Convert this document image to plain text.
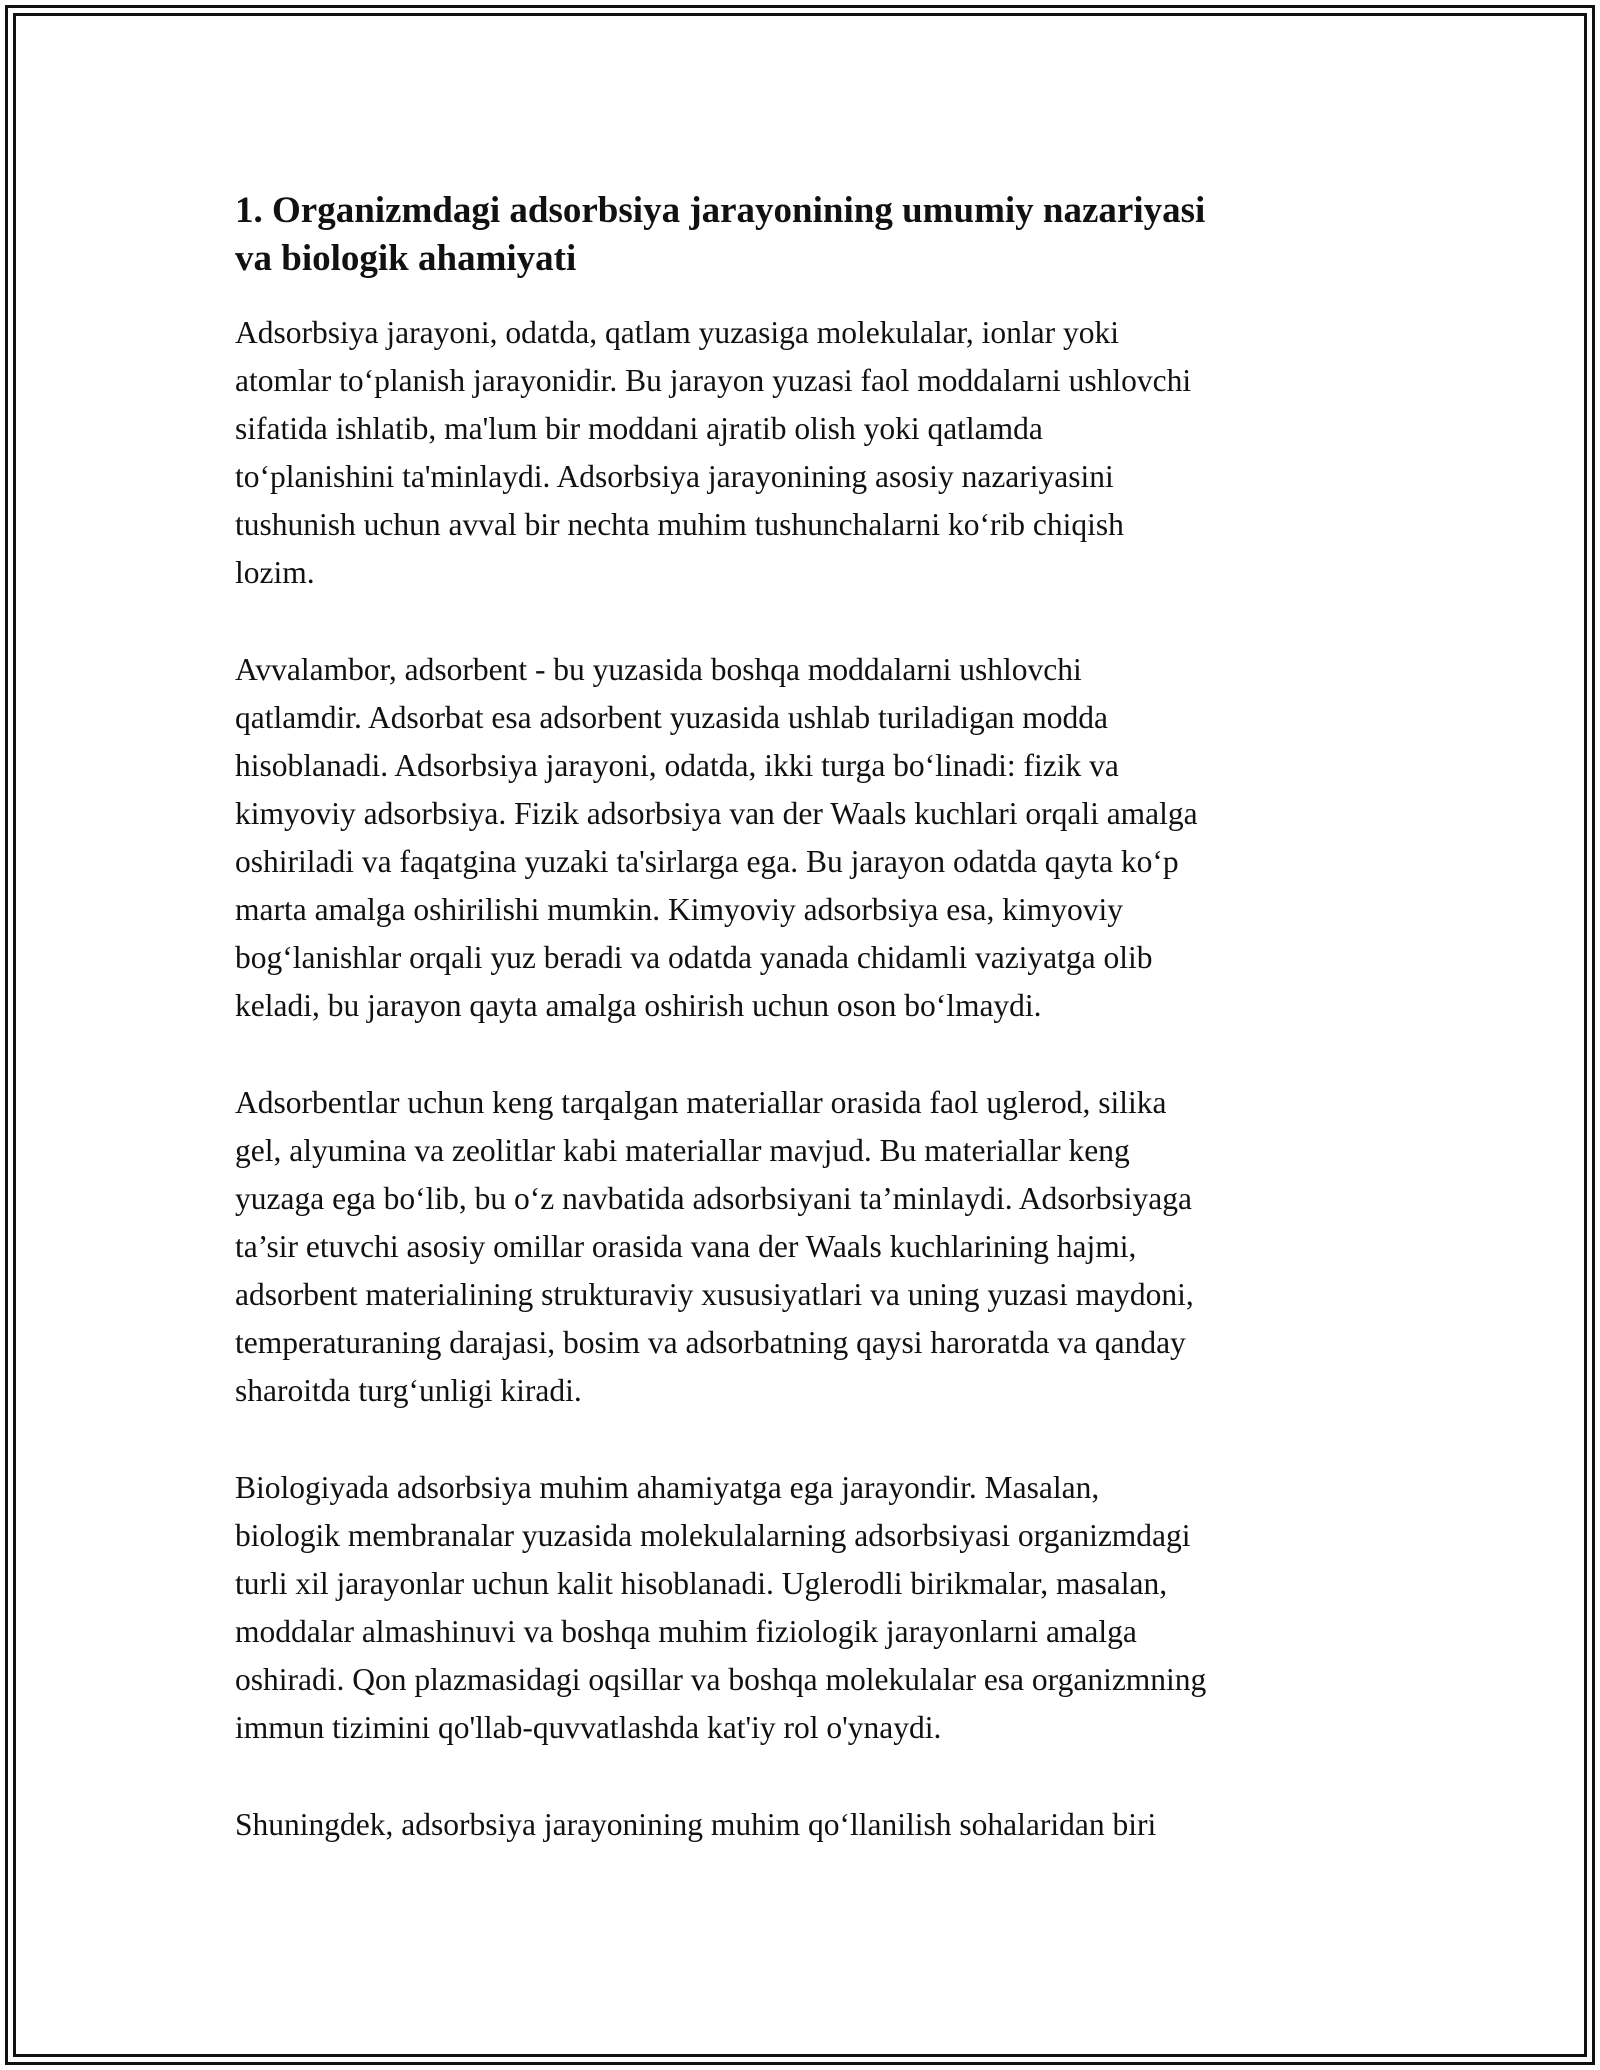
1. Organizmdagi adsorbsiya jarayonining umumiy nazariyasi
va biologik ahamiyati

Adsorbsiya jarayoni, odatda, qatlam yuzasiga molekulalar, ionlar yoki
atomlar to‘planish jarayonidir. Bu jarayon yuzasi faol moddalarni ushlovchi
sifatida ishlatib, ma'lum bir moddani ajratib olish yoki qatlamda
to‘planishini ta'minlaydi. Adsorbsiya jarayonining asosiy nazariyasini
tushunish uchun avval bir nechta muhim tushunchalarni ko‘rib chiqish
lozim.

Avvalambor, adsorbent - bu yuzasida boshqa moddalarni ushlovchi
qatlamdir. Adsorbat esa adsorbent yuzasida ushlab turiladigan modda
hisoblanadi. Adsorbsiya jarayoni, odatda, ikki turga bo‘linadi: fizik va
kimyoviy adsorbsiya. Fizik adsorbsiya van der Waals kuchlari orqali amalga
oshiriladi va faqatgina yuzaki ta'sirlarga ega. Bu jarayon odatda qayta ko‘p
marta amalga oshirilishi mumkin. Kimyoviy adsorbsiya esa, kimyoviy
bog‘lanishlar orqali yuz beradi va odatda yanada chidamli vaziyatga olib
keladi, bu jarayon qayta amalga oshirish uchun oson bo‘lmaydi.

Adsorbentlar uchun keng tarqalgan materiallar orasida faol uglerod, silika
gel, alyumina va zeolitlar kabi materiallar mavjud. Bu materiallar keng
yuzaga ega bo‘lib, bu o‘z navbatida adsorbsiyani ta’minlaydi. Adsorbsiyaga
ta’sir etuvchi asosiy omillar orasida vana der Waals kuchlarining hajmi,
adsorbent materialining strukturaviy xususiyatlari va uning yuzasi maydoni,
temperaturaning darajasi, bosim va adsorbatning qaysi haroratda va qanday
sharoitda turg‘unligi kiradi.

Biologiyada adsorbsiya muhim ahamiyatga ega jarayondir. Masalan,
biologik membranalar yuzasida molekulalarning adsorbsiyasi organizmdagi
turli xil jarayonlar uchun kalit hisoblanadi. Uglerodli birikmalar, masalan,
moddalar almashinuvi va boshqa muhim fiziologik jarayonlarni amalga
oshiradi. Qon plazmasidagi oqsillar va boshqa molekulalar esa organizmning
immun tizimini qo'llab-quvvatlashda kat'iy rol o'ynaydi.

Shuningdek, adsorbsiya jarayonining muhim qo‘llanilish sohalaridan biri
